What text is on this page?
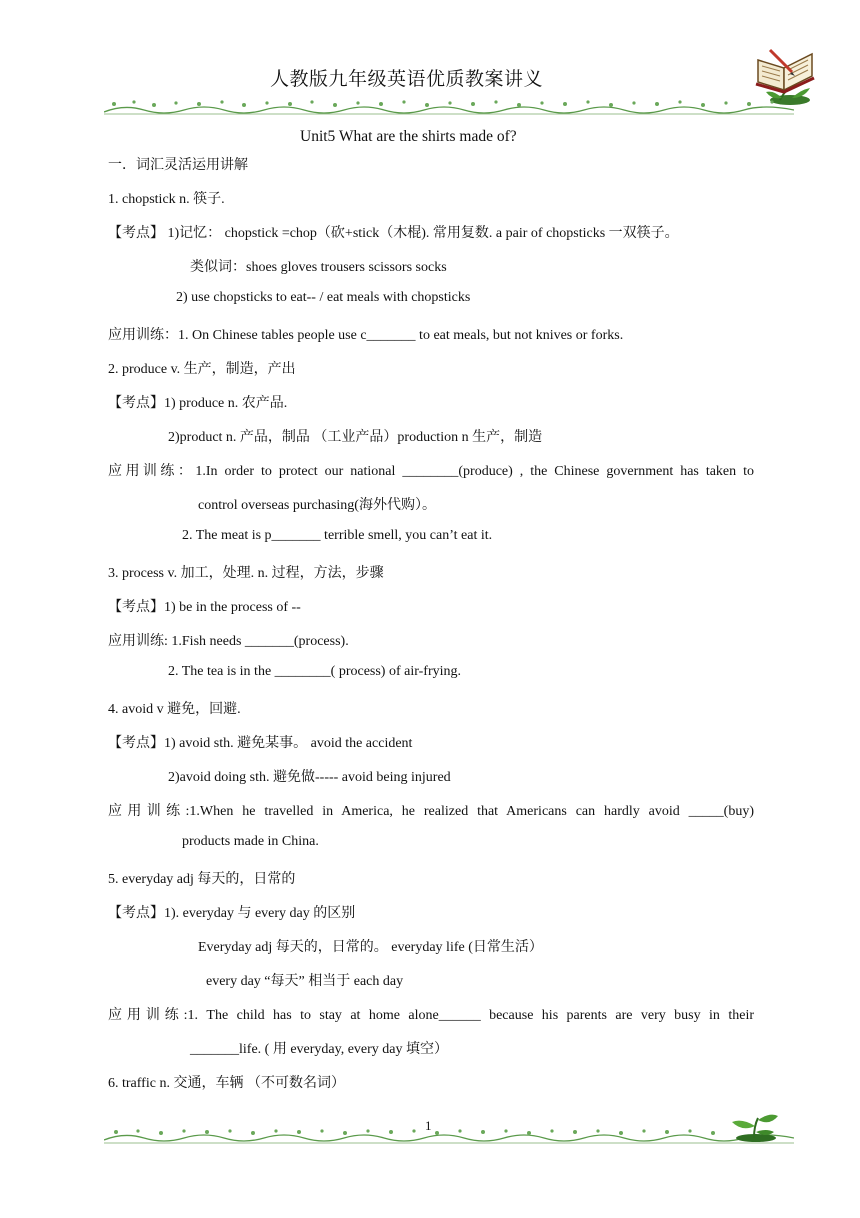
人教版九年级英语优质教案讲义
Unit5 What are the shirts made of?
一．词汇灵活运用讲解
1. chopstick n. 筷子.
【考点】 1)记忆： chopstick =chop（砍+stick（木棍). 常用复数. a pair of chopsticks 一双筷子。
类似词：shoes gloves trousers scissors socks
2) use chopsticks to eat-- / eat meals with chopsticks
应用训练：1. On Chinese tables people use c_______ to eat meals, but not knives or forks.
2. produce v. 生产，制造，产出
【考点】1) produce n. 农产品.
2)product n. 产品，制品 （工业产品）production n 生产，制造
应用训练：1.In order to protect our national ________(produce) , the Chinese government has taken to
control overseas purchasing(海外代购）。
2. The meat is p_______ terrible smell, you can’t eat it.
3. process v. 加工，处理. n. 过程，方法，步骤
【考点】1) be in the process of --
应用训练: 1.Fish needs _______(process).
2. The tea is in the ________( process) of air-frying.
4. avoid v 避免，回避.
【考点】1) avoid sth. 避免某事。 avoid the accident
2)avoid doing sth. 避免做----- avoid being injured
应用训练:1.When he travelled in America, he realized that Americans can hardly avoid _____(buy)
products made in China.
5. everyday adj 每天的，日常的
【考点】1). everyday 与 every day 的区别
Everyday adj 每天的，日常的。 everyday life (日常生活）
every day “每天” 相当于 each day
应用训练:1. The child has to stay at home alone______ because his parents are very busy in their
_______life. ( 用 everyday, every day 填空）
6. traffic n. 交通，车辆 （不可数名词）
1
